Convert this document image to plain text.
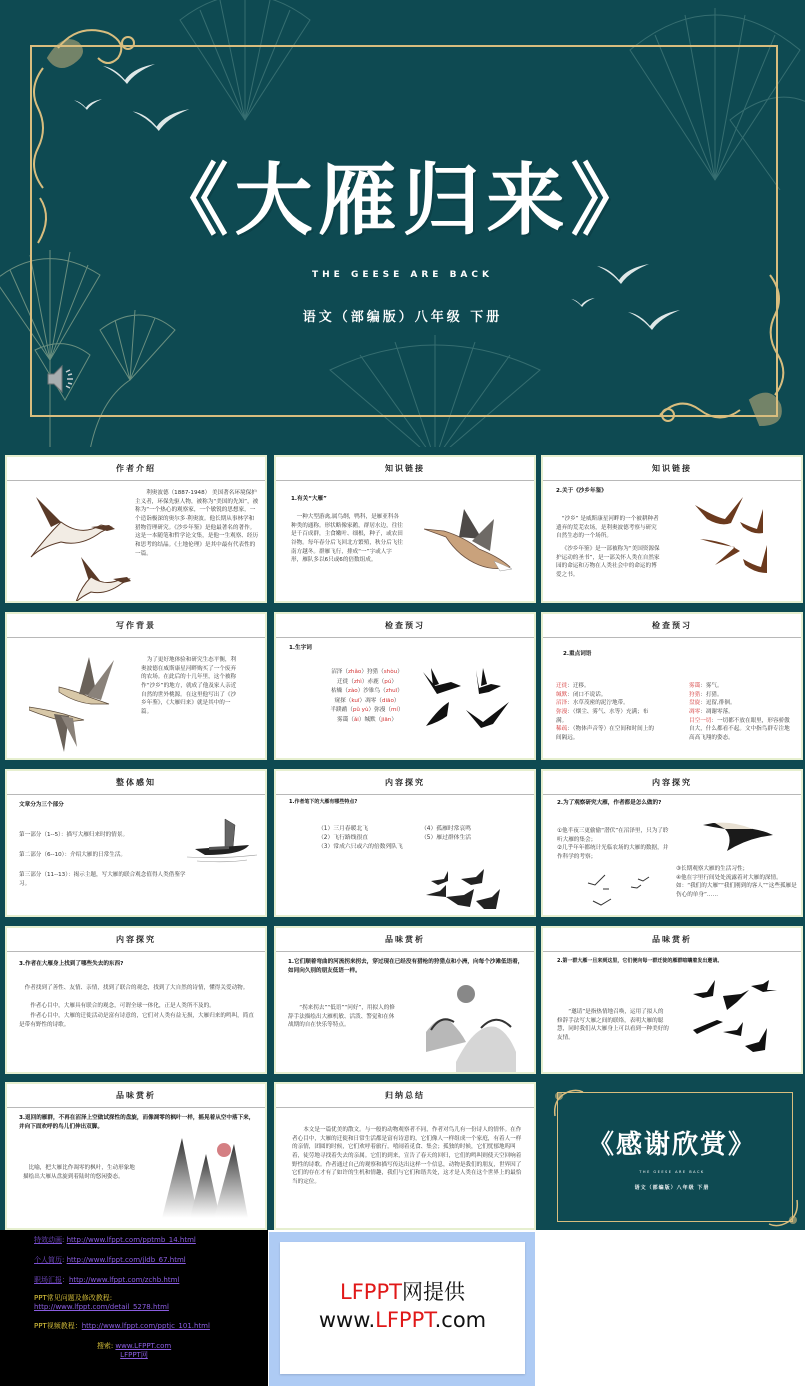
《大雁归来》
THE GEESE ARE BACK
语文（部编版）八年级 下册
作者介绍
利奥波德（1887-1948） 美国著名环境保护主义者，环保先驱人物，被称为“美国的先知”，被称为“一个热心的观察家，一个敏锐的思想家，一个造诣极深的奥尔多·利奥波。他长期从事林学和猎物管理研究。《沙乡年鉴》是他最著名的著作。这是一本随笔和哲学论文集，是他一生观察、经历和思考的结晶。《土地伦理》是其中最有代表性的一篇。
知识链接
1.有关“大雁”
一种大型游禽,属鸟纲，鸭科，是雁亚科各种类的通称。形状略像家鹅，群居水边，往往是千百成群，主食嫩叶、细根，种子，或农田谷物。每年春分后飞回北方繁殖，秋分后飞往南方越冬。群雁飞行，排成“一”字或人字形，雁队多以6只或6的倍数组成。
知识链接
2.关于《沙乡年鉴》
“沙乡” 是威斯康星河畔的一个被耕种者遗弃的荒芜农场，是利奥波德考察与研究自然生态的一个场所。
《沙乡年鉴》是一部被称为“美国资源保护运动的圣书”，是一部关怀人类在自然家园的命运和万物在人类社会中的命运的博爱之书。
写作背景
为了更好地体验和研究生态平衡，利奥波德在威斯康星河畔购买了一个废弃的农场。在此后的十几年里，这个被称作“沙乡”的地方，就成了他及家人亲近自然的世外桃源。在这里他写出了《沙乡年鉴》，《大雁归来》就是其中的一篇。
检查预习
1.生字词
沼泽（zhǎo）狩猎（shòu）
迁徙（zhì）赤鹿（pú）
枯燥（zào）沙锥鸟（zhuī）
窥探（kuī）凋零（diāo）
半蹼鹬（pǔ yù）弥漫（mí）
雾霭（ǎi）缄默（jiān）
检查预习
2.重点词语
迁徙：迁移。
缄默：闭口不说话。
沼泽：水草茂密的泥泞地带。
弥漫：（烟尘、雾气、水等）充满；布满。
稀疏：（物体声音等）在空间和时间上的间隔远。
雾霭：雾气。
狩猎：打猎。
盘旋：逗留,徘徊。
凋零：凋谢零落。
目空一切：一切都不放在眼里，形容骄傲自大，什么都看不起。文中指鸟群专注地高高飞翔的姿态。
整体感知
文章分为三个部分
第一部分（1--5）：描写大雁归来时的情景。
第二部分（6--10）：介绍大雁的日常生活。
第三部分（11--13）：揭示主题，写大雁的联合观念值得人类借鉴学习。
内容探究
1.作者笔下的大雁有哪些特点?
（1）三月春暖北飞
（2）飞行路线很直
（3）常成六只或六的倍数列队飞
（4）孤雁时常哀鸣
（5）雁过群体生活
内容探究
2.为了观察研究大雁，作者都是怎么做的?
①他半夜三更偷偷“潜伏”在沼泽里，只为了聆听大雁的集会；
②几乎年年都统计光临农场的大雁的数据，并作科学的考察；
③长期观察大雁的生活习性；
④他在字里行间处处流露着对大雁的深情。如：“我们的大雁”“我们刚到的客人”“这些孤雁是伤心的单身”……
内容探究
3.作者在大雁身上找到了哪些失去的东西?
作者找到了善性、友情、亲情，找到了联合的观念，找到了大自然的诗情，懂得关爱动物。
作者心目中，大雁具有联合的观念，可谓全球一体化，正是人类所不及的。
作者心目中，大雁的迁徙活动是富有诗意的，它们对人类有益无损，大雁归来的鸣叫，简直是带有野性的诗歌。
品味赏析
1.它们顺着弯曲的河流拐来拐去，穿过现在已经没有猎枪的狩猎点和小洲，向每个沙滩低语着，如同向久别的朋友低语一样。
“拐来拐去”“低语”“问好”，用拟人的修辞手法描绘出大雁机敏、活泼、警觉和在休战期的自在快乐等特点。
品味赏析
2.第一群大雁一旦来到这里，它们便向每一群迁徙的雁群喧嚷着发出邀请。
“邀请”是指热情地召唤，运用了拟人的修辞手法写大雁之间的联络，表明大雁的聪慧，同时我们从大雁身上可以看到一种美好的友情。
品味赏析
3.返回的雁群，不再在沼泽上空做试探性的盘旋，而像凋零的枫叶一样，摇晃着从空中落下来，并向下面欢呼的鸟儿们伸出双脚。
比喻，把大雁比作凋零的枫叶，生动形象地描绘出大雁从盘旋到着陆时的悠闲姿态。
归纳总结
本文是一篇优美的散文。与一般的动物观察者不同，作者对鸟儿有一份诗人的情怀。在作者心目中，大雁的迁徙和日常生活都是富有诗意的，它们像人一样组成一个家庭，有着人一样的亲情，团圆的时候，它们欢呼着旅行，嘻闹着觅食、集会；孤独的时候，它们忧郁地呜叫着，徒劳地寻找着失去的亲属。它们的到来，宣告了春天的回归，它们的鸣叫则使天空回响着野性的诗歌。作者通过自己的观察和描写传达出这样一个信息，动物是我们的朋友，世界因了它们的存在才有了如许的生机和情趣，我们与它们和谐共处，这才是人类在这个世界上的最恰当的定位。
《感谢欣赏》
THE GEESE ARE BACK
语文（部编版）八年级 下册
特效动画: http://www.lfppt.com/pptmb_14.html
个人简历: http://www.lfppt.com/jldb_67.html
职场汇报：http://www.lfppt.com/zchb.html
PPT常见问题及修改教程:
http://www.lfppt.com/detail_5278.html
PPT视频教程：http://www.lfppt.com/pptjc_101.html
搜索: www.LFPPT.com
LFPPT网
LFPPT网提供
www.LFPPT.com
